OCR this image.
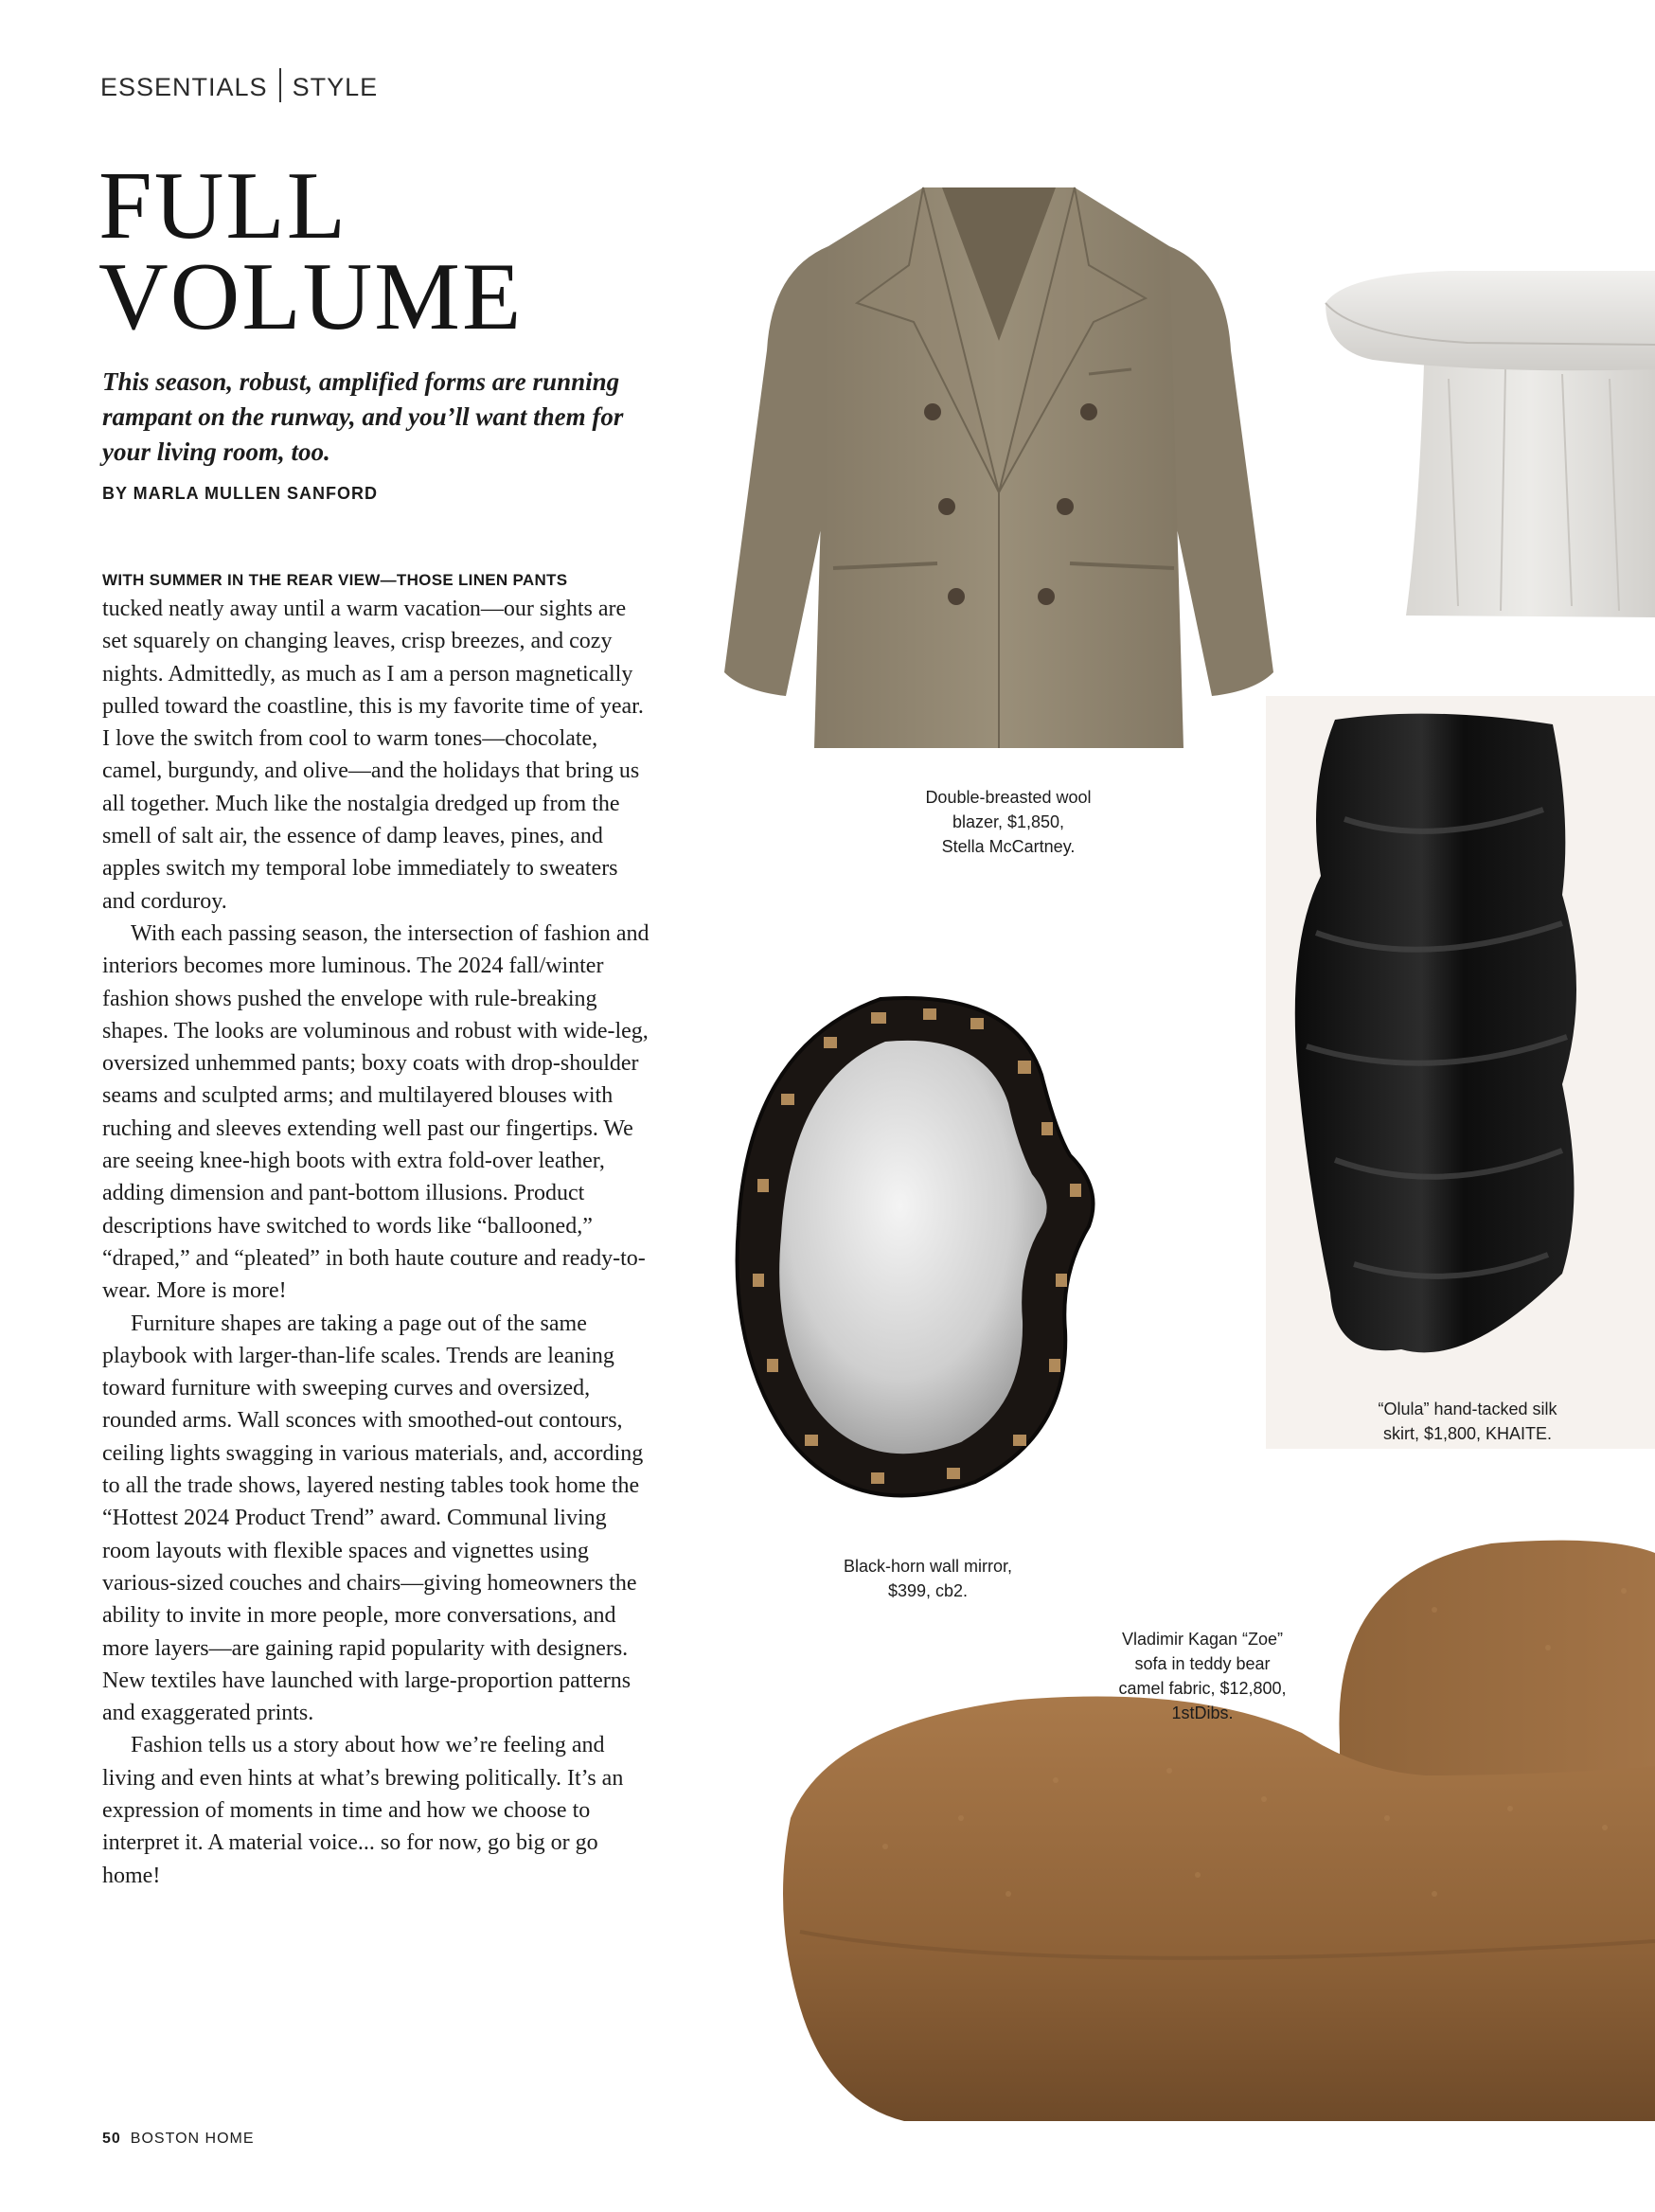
ESSENTIALS STYLE
FULL
VOLUME
This season, robust, amplified forms are running rampant on the runway, and you’ll want them for your living room, too.
BY MARLA MULLEN SANFORD
WITH SUMMER IN THE REAR VIEW—THOSE LINEN PANTS

tucked neatly away until a warm vacation—our sights are set squarely on changing leaves, crisp breezes, and cozy nights. Admittedly, as much as I am a person magnetically pulled toward the coastline, this is my favorite time of year. I love the switch from cool to warm tones—chocolate, camel, burgundy, and olive—and the holidays that bring us all together. Much like the nostalgia dredged up from the smell of salt air, the essence of damp leaves, pines, and apples switch my temporal lobe immediately to sweaters and corduroy.

With each passing season, the intersection of fashion and interiors becomes more luminous. The 2024 fall/winter fashion shows pushed the envelope with rule-breaking shapes. The looks are voluminous and robust with wide-leg, oversized unhemmed pants; boxy coats with drop-shoulder seams and sculpted arms; and multilayered blouses with ruching and sleeves extending well past our fingertips. We are seeing knee-high boots with extra fold-over leather, adding dimension and pant-bottom illusions. Product descriptions have switched to words like “ballooned,” “draped,” and “pleated” in both haute couture and ready-to-wear. More is more!

Furniture shapes are taking a page out of the same playbook with larger-than-life scales. Trends are leaning toward furniture with sweeping curves and oversized, rounded arms. Wall sconces with smoothed-out contours, ceiling lights swagging in various materials, and, according to all the trade shows, layered nesting tables took home the “Hottest 2024 Product Trend” award. Communal living room layouts with flexible spaces and vignettes using various-sized couches and chairs—giving homeowners the ability to invite in more people, more conversations, and more layers—are gaining rapid popularity with designers. New textiles have launched with large-proportion patterns and exaggerated prints.

Fashion tells us a story about how we’re feeling and living and even hints at what’s brewing politically. It’s an expression of moments in time and how we choose to interpret it. A material voice... so for now, go big or go home!

Double-breasted wool
blazer, $1,850,
Stella McCartney.
“Olula” hand-tacked silk
skirt, $1,800, KHAITE.
Black-horn wall mirror,
$399, cb2.
Vladimir Kagan “Zoe”
sofa in teddy bear
camel fabric, $12,800,
1stDibs.
50 BOSTON HOME
